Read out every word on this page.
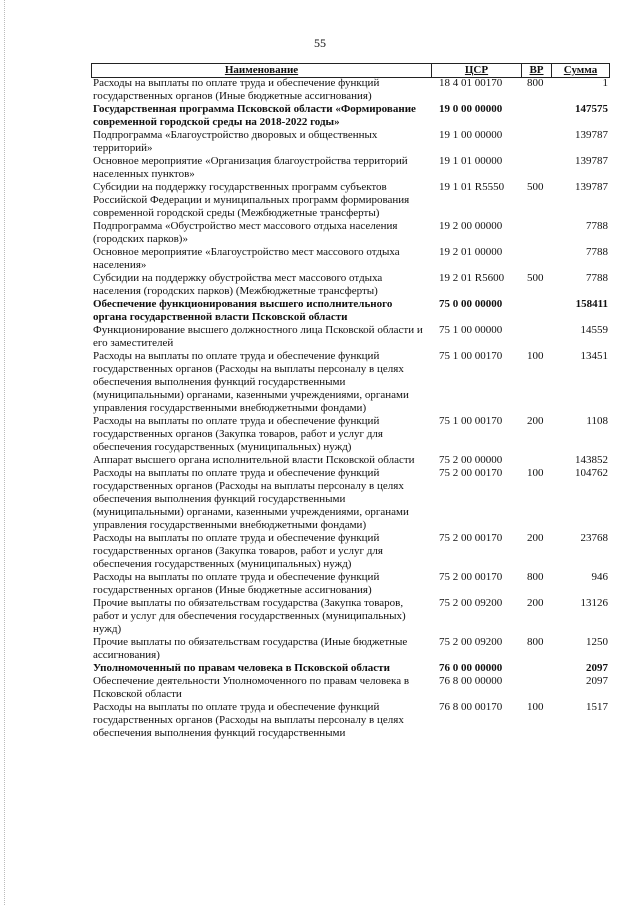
55
Наименование	ЦСР	ВР	Сумма
Расходы на выплаты по оплате труда и обеспечение функций государственных органов (Иные бюджетные ассигнования)	18 4 01 00170	800	1
Государственная программа Псковской области «Формирование современной городской среды на 2018-2022 годы»	19 0 00 00000		147575
Подпрограмма «Благоустройство дворовых и общественных территорий»	19 1 00 00000		139787
Основное мероприятие «Организация благоустройства территорий населенных пунктов»	19 1 01 00000		139787
Субсидии на поддержку государственных программ субъектов Российской Федерации и муниципальных программ формирования современной городской среды (Межбюджетные трансферты)	19 1 01 R5550	500	139787
Подпрограмма «Обустройство мест массового отдыха населения (городских парков)»	19 2 00 00000		7788
Основное мероприятие «Благоустройство мест массового отдыха населения»	19 2 01 00000		7788
Субсидии на поддержку обустройства мест массового отдыха населения (городских парков) (Межбюджетные трансферты)	19 2 01 R5600	500	7788
Обеспечение функционирования высшего исполнительного органа государственной власти Псковской области	75 0 00 00000		158411
Функционирование высшего должностного лица Псковской области и его заместителей	75 1 00 00000		14559
Расходы на выплаты по оплате труда и обеспечение функций государственных органов (Расходы на выплаты персоналу в целях обеспечения выполнения функций государственными (муниципальными) органами, казенными учреждениями, органами управления государственными внебюджетными фондами)	75 1 00 00170	100	13451
Расходы на выплаты по оплате труда и обеспечение функций государственных органов (Закупка товаров, работ и услуг для обеспечения государственных (муниципальных) нужд)	75 1 00 00170	200	1108
Аппарат высшего органа исполнительной власти Псковской области	75 2 00 00000		143852
Расходы на выплаты по оплате труда и обеспечение функций государственных органов (Расходы на выплаты персоналу в целях обеспечения выполнения функций государственными (муниципальными) органами, казенными учреждениями, органами управления государственными внебюджетными фондами)	75 2 00 00170	100	104762
Расходы на выплаты по оплате труда и обеспечение функций государственных органов (Закупка товаров, работ и услуг для обеспечения государственных (муниципальных) нужд)	75 2 00 00170	200	23768
Расходы на выплаты по оплате труда и обеспечение функций государственных органов (Иные бюджетные ассигнования)	75 2 00 00170	800	946
Прочие выплаты по обязательствам государства (Закупка товаров, работ и услуг для обеспечения государственных (муниципальных) нужд)	75 2 00 09200	200	13126
Прочие выплаты по обязательствам государства (Иные бюджетные ассигнования)	75 2 00 09200	800	1250
Уполномоченный по правам человека в Псковской области	76 0 00 00000		2097
Обеспечение деятельности Уполномоченного по правам человека в Псковской области	76 8 00 00000		2097
Расходы на выплаты по оплате труда и обеспечение функций государственных органов (Расходы на выплаты персоналу в целях обеспечения выполнения функций государственными	76 8 00 00170	100	1517
